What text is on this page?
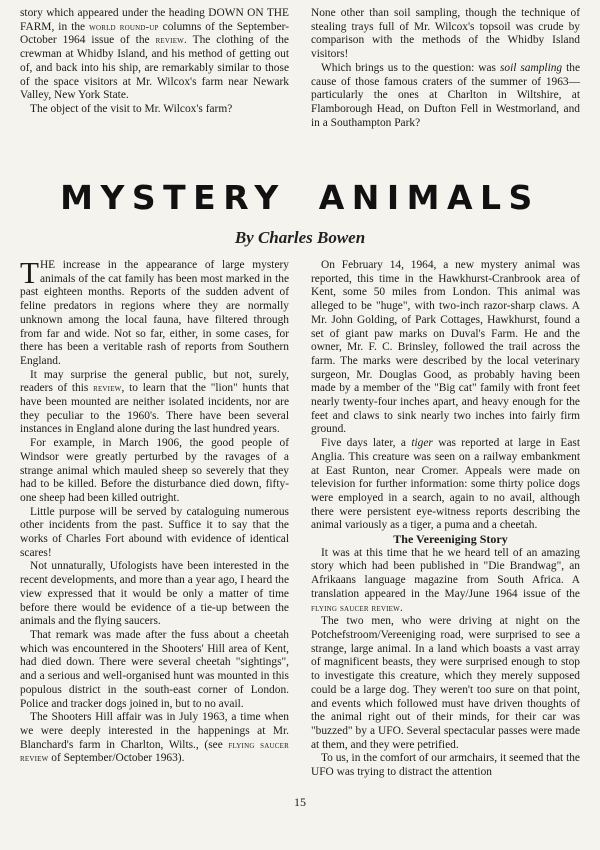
story which appeared under the heading DOWN ON THE FARM, in the world round-up columns of the September-October 1964 issue of the review. The clothing of the crewman at Whidby Island, and his method of getting out of, and back into his ship, are remarkably similar to those of the space visitors at Mr. Wilcox's farm near Newark Valley, New York State.

The object of the visit to Mr. Wilcox's farm?

None other than soil sampling, though the technique of stealing trays full of Mr. Wilcox's topsoil was crude by comparison with the methods of the Whidby Island visitors!

Which brings us to the question: was soil sampling the cause of those famous craters of the summer of 1963—particularly the ones at Charlton in Wiltshire, at Flamborough Head, on Dufton Fell in Westmorland, and in a Southampton Park?

MYSTERY ANIMALS
By Charles Bowen

THE increase in the appearance of large mystery animals of the cat family has been most marked in the past eighteen months. Reports of the sudden advent of feline predators in regions where they are normally unknown among the local fauna, have filtered through from far and wide. Not so far, either, in some cases, for there has been a veritable rash of reports from Southern England.

It may surprise the general public, but not, surely, readers of this review, to learn that the "lion" hunts that have been mounted are neither isolated incidents, nor are they peculiar to the 1960's. There have been several instances in England alone during the last hundred years.

For example, in March 1906, the good people of Windsor were greatly perturbed by the ravages of a strange animal which mauled sheep so severely that they had to be killed. Before the disturbance died down, fifty-one sheep had been killed outright.

Little purpose will be served by cataloguing numerous other incidents from the past. Suffice it to say that the works of Charles Fort abound with evidence of identical scares!

Not unnaturally, Ufologists have been interested in the recent developments, and more than a year ago, I heard the view expressed that it would be only a matter of time before there would be evidence of a tie-up between the animals and the flying saucers.

That remark was made after the fuss about a cheetah which was encountered in the Shooters' Hill area of Kent, had died down. There were several cheetah "sightings", and a serious and well-organised hunt was mounted in this populous district in the south-east corner of London. Police and tracker dogs joined in, but to no avail.

The Shooters Hill affair was in July 1963, a time when we were deeply interested in the happenings at Mr. Blanchard's farm in Charlton, Wilts., (see flying saucer review of September/October 1963).

On February 14, 1964, a new mystery animal was reported, this time in the Hawkhurst-Cranbrook area of Kent, some 50 miles from London. This animal was alleged to be "huge", with two-inch razor-sharp claws. A Mr. John Golding, of Park Cottages, Hawkhurst, found a set of giant paw marks on Duval's Farm. He and the owner, Mr. F. C. Brinsley, followed the trail across the farm. The marks were described by the local veterinary surgeon, Mr. Douglas Good, as probably having been made by a member of the "Big cat" family with front feet nearly twenty-four inches apart, and heavy enough for the feet and claws to sink nearly two inches into fairly firm ground.

Five days later, a tiger was reported at large in East Anglia. This creature was seen on a railway embankment at East Runton, near Cromer. Appeals were made on television for further information: some thirty police dogs were employed in a search, again to no avail, although there were persistent eye-witness reports describing the animal variously as a tiger, a puma and a cheetah.

The Vereeniging Story

It was at this time that he we heard tell of an amazing story which had been published in "Die Brandwag", an Afrikaans language magazine from South Africa. A translation appeared in the May/June 1964 issue of the flying saucer review.

The two men, who were driving at night on the Potchefstroom/Vereeniging road, were surprised to see a strange, large animal. In a land which boasts a vast array of magnificent beasts, they were surprised enough to stop to investigate this creature, which they merely supposed could be a large dog. They weren't too sure on that point, and events which followed must have driven thoughts of the animal right out of their minds, for their car was "buzzed" by a UFO. Several spectacular passes were made at them, and they were petrified.

To us, in the comfort of our armchairs, it seemed that the UFO was trying to distract the attention

15
